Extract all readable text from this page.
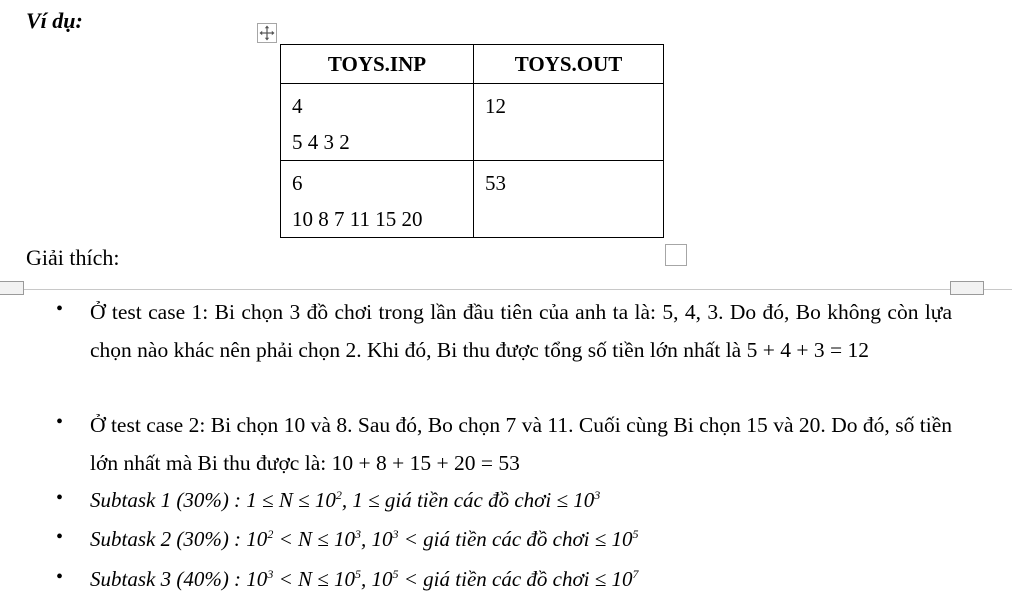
Ví dụ:
TOYS.INP	TOYS.OUT

4
5 4 3 2	12

6
10 8 7 11 15 20	53
Giải thích:
• Ở test case 1: Bi chọn 3 đồ chơi trong lần đầu tiên của anh ta là: 5, 4, 3. Do đó, Bo không còn lựa chọn nào khác nên phải chọn 2. Khi đó, Bi thu được tổng số tiền lớn nhất là 5 + 4 + 3 = 12
• Ở test case 2: Bi chọn 10 và 8. Sau đó, Bo chọn 7 và 11. Cuối cùng Bi chọn 15 và 20. Do đó, số tiền lớn nhất mà Bi thu được là: 10 + 8 + 15 + 20 = 53
• Subtask 1 (30%) : $1 \le N \le 10^2$, 1 ≤ giá tiền các đồ chơi ≤ $10^3$
• Subtask 2 (30%) : $10^2 < N \le 10^3$, $10^3$ < giá tiền các đồ chơi ≤ $10^5$
• Subtask 3 (40%) : $10^3 < N \le 10^5$, $10^5$ < giá tiền các đồ chơi ≤ $10^7$
